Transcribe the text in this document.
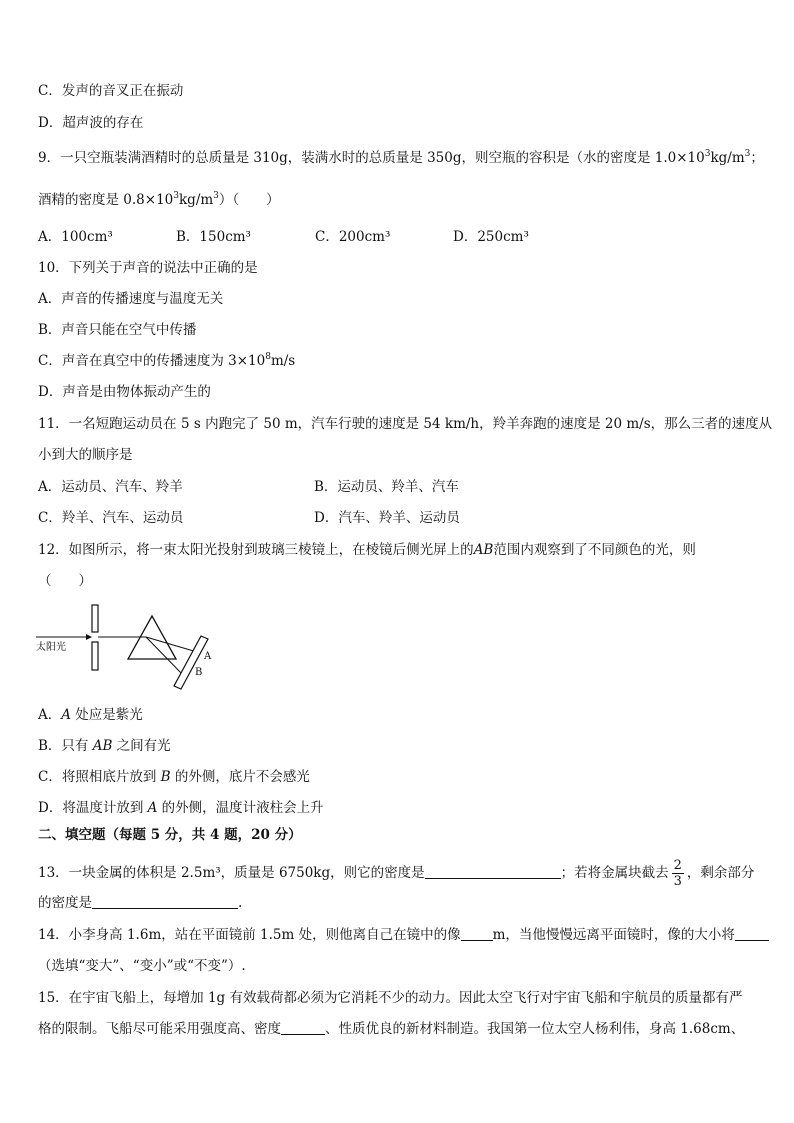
C．发声的音叉正在振动
D．超声波的存在
9．一只空瓶装满酒精时的总质量是 310g，装满水时的总质量是 350g，则空瓶的容积是（水的密度是 $1.0\times 10^3kg/m^3$；
酒精的密度是 $0.8\times 10^3kg/m^3$）（　　）
A．100cm³	B．150cm³	C．200cm³	D．250cm³
10．下列关于声音的说法中正确的是
A．声音的传播速度与温度无关
B．声音只能在空气中传播
C．声音在真空中的传播速度为 $3\times 10^8m/s$
D．声音是由物体振动产生的
11．一名短跑运动员在 5 s 内跑完了 50 m，汽车行驶的速度是 54 km/h，羚羊奔跑的速度是 20 m/s，那么三者的速度从
小到大的顺序是
A．运动员、汽车、羚羊	B．运动员、羚羊、汽车
C．羚羊、汽车、运动员	D．汽车、羚羊、运动员
12．如图所示，将一束太阳光投射到玻璃三棱镜上，在棱镜后侧光屏上的AB范围内观察到了不同颜色的光，则
（　　）
太阳光
A
B
A．A 处应是紫光
B．只有 AB 之间有光
C．将照相底片放到 B 的外侧，底片不会感光
D．将温度计放到 A 的外侧，温度计液柱会上升
二、填空题（每题 5 分，共 4 题，20 分）
13．一块金属的体积是 2.5m³，质量是 6750kg，则它的密度是	；若将金属块截去 $\frac{2}{3}$ ，剩余部分
的密度是	.
14．小李身高 1.6m，站在平面镜前 1.5m 处，则他离自己在镜中的像 m，当他慢慢远离平面镜时，像的大小将
（选填“变大”、“变小”或“不变”）.
15．在宇宙飞船上，每增加 1g 有效载荷都必须为它消耗不少的动力。因此太空飞行对宇宙飞船和宇航员的质量都有严
格的限制。飞船尽可能采用强度高、密度	、性质优良的新材料制造。我国第一位太空人杨利伟，身高 1.68cm、
